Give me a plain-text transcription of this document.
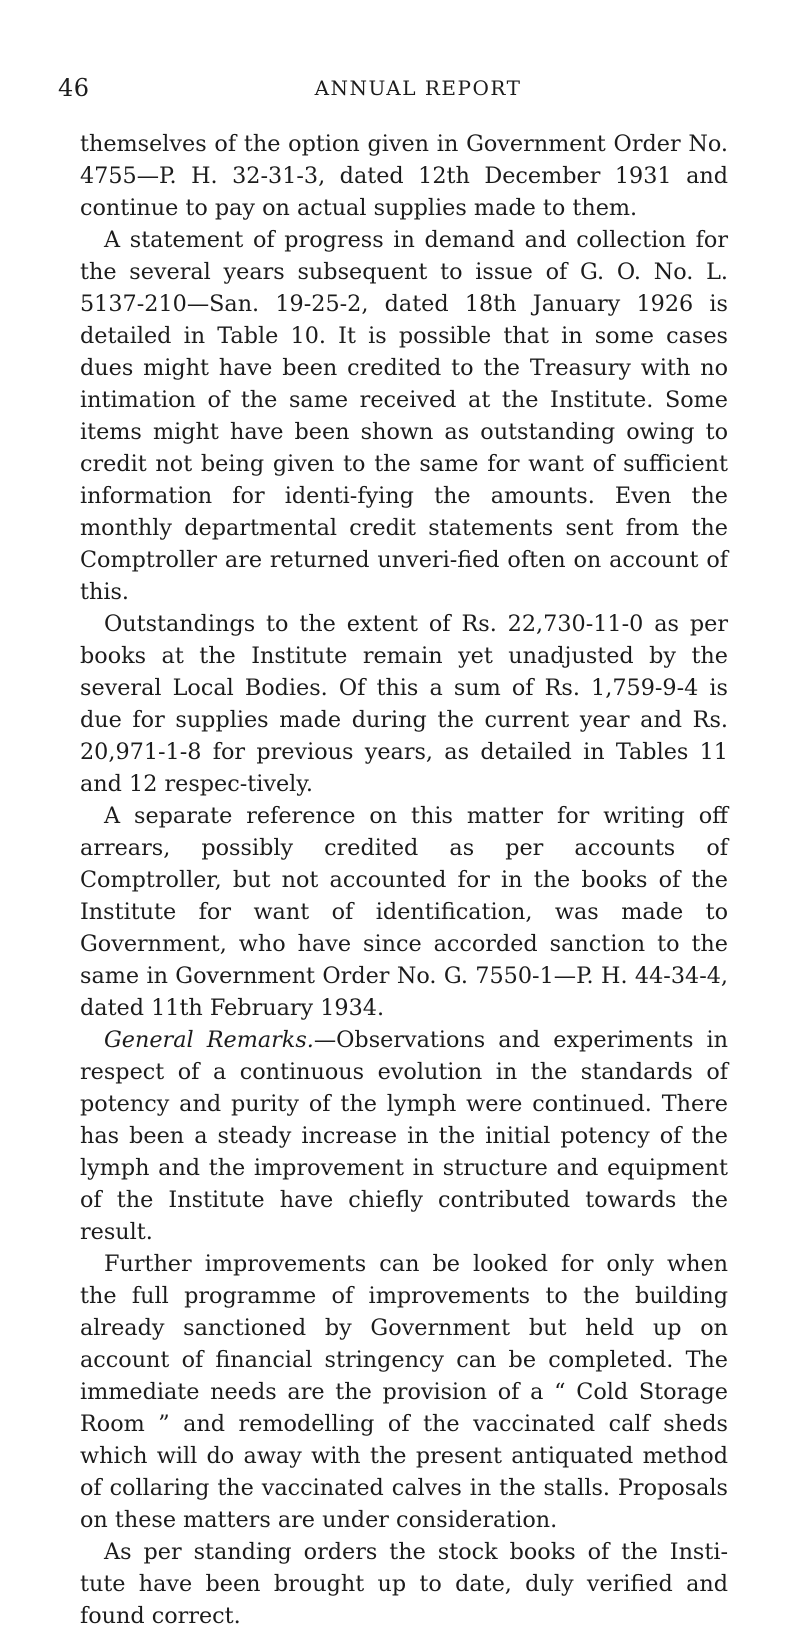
46	ANNUAL REPORT

themselves of the option given in Government Order No. 4755—P. H. 32-31-3, dated 12th December 1931 and continue to pay on actual supplies made to them.

A statement of progress in demand and collection for the several years subsequent to issue of G. O. No. L. 5137-210—San. 19-25-2, dated 18th January 1926 is detailed in Table 10. It is possible that in some cases dues might have been credited to the Treasury with no intimation of the same received at the Institute. Some items might have been shown as outstanding owing to credit not being given to the same for want of sufficient information for identi-fying the amounts. Even the monthly departmental credit statements sent from the Comptroller are returned unveri-fied often on account of this.

Outstandings to the extent of Rs. 22,730-11-0 as per books at the Institute remain yet unadjusted by the several Local Bodies. Of this a sum of Rs. 1,759-9-4 is due for supplies made during the current year and Rs. 20,971-1-8 for previous years, as detailed in Tables 11 and 12 respec-tively.

A separate reference on this matter for writing off arrears, possibly credited as per accounts of Comptroller, but not accounted for in the books of the Institute for want of identification, was made to Government, who have since accorded sanction to the same in Government Order No. G. 7550-1—P. H. 44-34-4, dated 11th February 1934.

General Remarks.—Observations and experiments in respect of a continuous evolution in the standards of potency and purity of the lymph were continued. There has been a steady increase in the initial potency of the lymph and the improvement in structure and equipment of the Institute have chiefly contributed towards the result.

Further improvements can be looked for only when the full programme of improvements to the building already sanctioned by Government but held up on account of financial stringency can be completed. The immediate needs are the provision of a “ Cold Storage Room ” and remodelling of the vaccinated calf sheds which will do away with the present antiquated method of collaring the vaccinated calves in the stalls. Proposals on these matters are under consideration.

As per standing orders the stock books of the Insti-tute have been brought up to date, duly verified and found correct.
